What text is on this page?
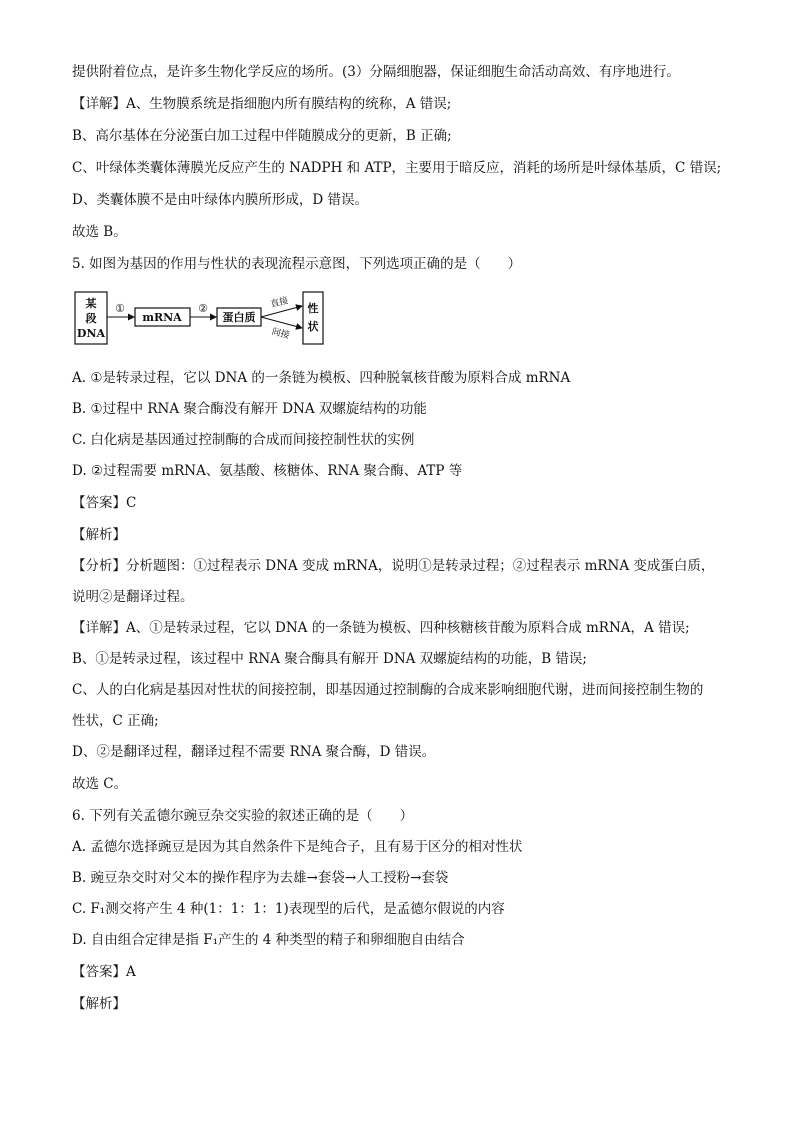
提供附着位点，是许多生物化学反应的场所。(3）分隔细胞器，保证细胞生命活动高效、有序地进行。
【详解】A、生物膜系统是指细胞内所有膜结构的统称，A 错误;
B、高尔基体在分泌蛋白加工过程中伴随膜成分的更新，B 正确;
C、叶绿体类囊体薄膜光反应产生的 NADPH 和 ATP，主要用于暗反应，消耗的场所是叶绿体基质，C 错误;
D、类囊体膜不是由叶绿体内膜所形成，D 错误。
故选 B。
5. 如图为基因的作用与性状的表现流程示意图，下列选项正确的是（　　）
某
段
DNA
①
mRNA
②
蛋白质
直接
间接
性
状
A. ①是转录过程，它以 DNA 的一条链为模板、四种脱氧核苷酸为原料合成 mRNA
B. ①过程中 RNA 聚合酶没有解开 DNA 双螺旋结构的功能
C. 白化病是基因通过控制酶的合成而间接控制性状的实例
D. ②过程需要 mRNA、氨基酸、核糖体、RNA 聚合酶、ATP 等
【答案】C
【解析】
【分析】分析题图：①过程表示 DNA 变成 mRNA，说明①是转录过程；②过程表示 mRNA 变成蛋白质，
说明②是翻译过程。
【详解】A、①是转录过程，它以 DNA 的一条链为模板、四种核糖核苷酸为原料合成 mRNA，A 错误;
B、①是转录过程，该过程中 RNA 聚合酶具有解开 DNA 双螺旋结构的功能，B 错误;
C、人的白化病是基因对性状的间接控制，即基因通过控制酶的合成来影响细胞代谢，进而间接控制生物的
性状，C 正确;
D、②是翻译过程，翻译过程不需要 RNA 聚合酶，D 错误。
故选 C。
6. 下列有关孟德尔豌豆杂交实验的叙述正确的是（　　）
A. 孟德尔选择豌豆是因为其自然条件下是纯合子，且有易于区分的相对性状
B. 豌豆杂交时对父本的操作程序为去雄→套袋→人工授粉→套袋
C. F₁测交将产生 4 种(1：1：1：1)表现型的后代，是孟德尔假说的内容
D. 自由组合定律是指 F₁产生的 4 种类型的精子和卵细胞自由结合
【答案】A
【解析】
